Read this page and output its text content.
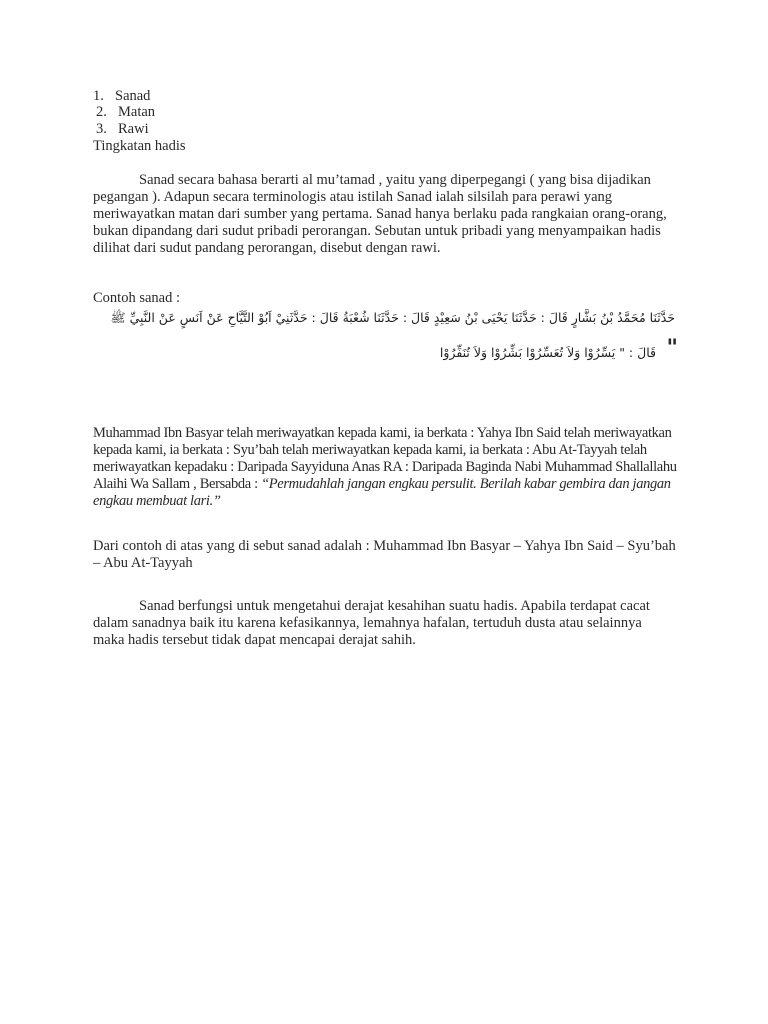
1. Sanad
2. Matan
3. Rawi
Tingkatan hadis
Sanad secara bahasa berarti al mu’tamad , yaitu yang diperpegangi ( yang bisa dijadikan pegangan ). Adapun secara terminologis atau istilah Sanad ialah silsilah para perawi yang meriwayatkan matan dari sumber yang pertama. Sanad hanya berlaku pada rangkaian orang-orang, bukan dipandang dari sudut pribadi perorangan. Sebutan untuk pribadi yang menyampaikan hadis dilihat dari sudut pandang perorangan, disebut dengan rawi.
Contoh sanad :
حَدَّثَنَا مُحَمَّدُ بْنُ بَشَّارٍ قَالَ : حَدَّثَنَا يَحْيَى بْنُ سَعِيْدٍ قَالَ : حَدَّثَنَا شُعْبَةُ قَالَ : حَدَّثَنِيْ اَبُوْ التَّيَّاحِ عَنْ اَنَسٍ عَنْ النَّبِيِّ ﷺ
"
قَالَ : " يَسِّرُوْا وَلاَ تُعَسِّرُوْا بَشِّرُوْا وَلاَ تُنَفِّرُوْا
Muhammad Ibn Basyar telah meriwayatkan kepada kami, ia berkata : Yahya Ibn Said telah meriwayatkan kepada kami, ia berkata : Syu’bah telah meriwayatkan kepada kami, ia berkata : Abu At-Tayyah telah meriwayatkan kepadaku : Daripada Sayyiduna Anas RA : Daripada Baginda Nabi Muhammad Shallallahu Alaihi Wa Sallam , Bersabda : “Permudahlah jangan engkau persulit. Berilah kabar gembira dan jangan engkau membuat lari.”
Dari contoh di atas yang di sebut sanad adalah : Muhammad Ibn Basyar – Yahya Ibn Said – Syu’bah – Abu At-Tayyah
Sanad berfungsi untuk mengetahui derajat kesahihan suatu hadis. Apabila terdapat cacat dalam sanadnya baik itu karena kefasikannya, lemahnya hafalan, tertuduh dusta atau selainnya maka hadis tersebut tidak dapat mencapai derajat sahih.
